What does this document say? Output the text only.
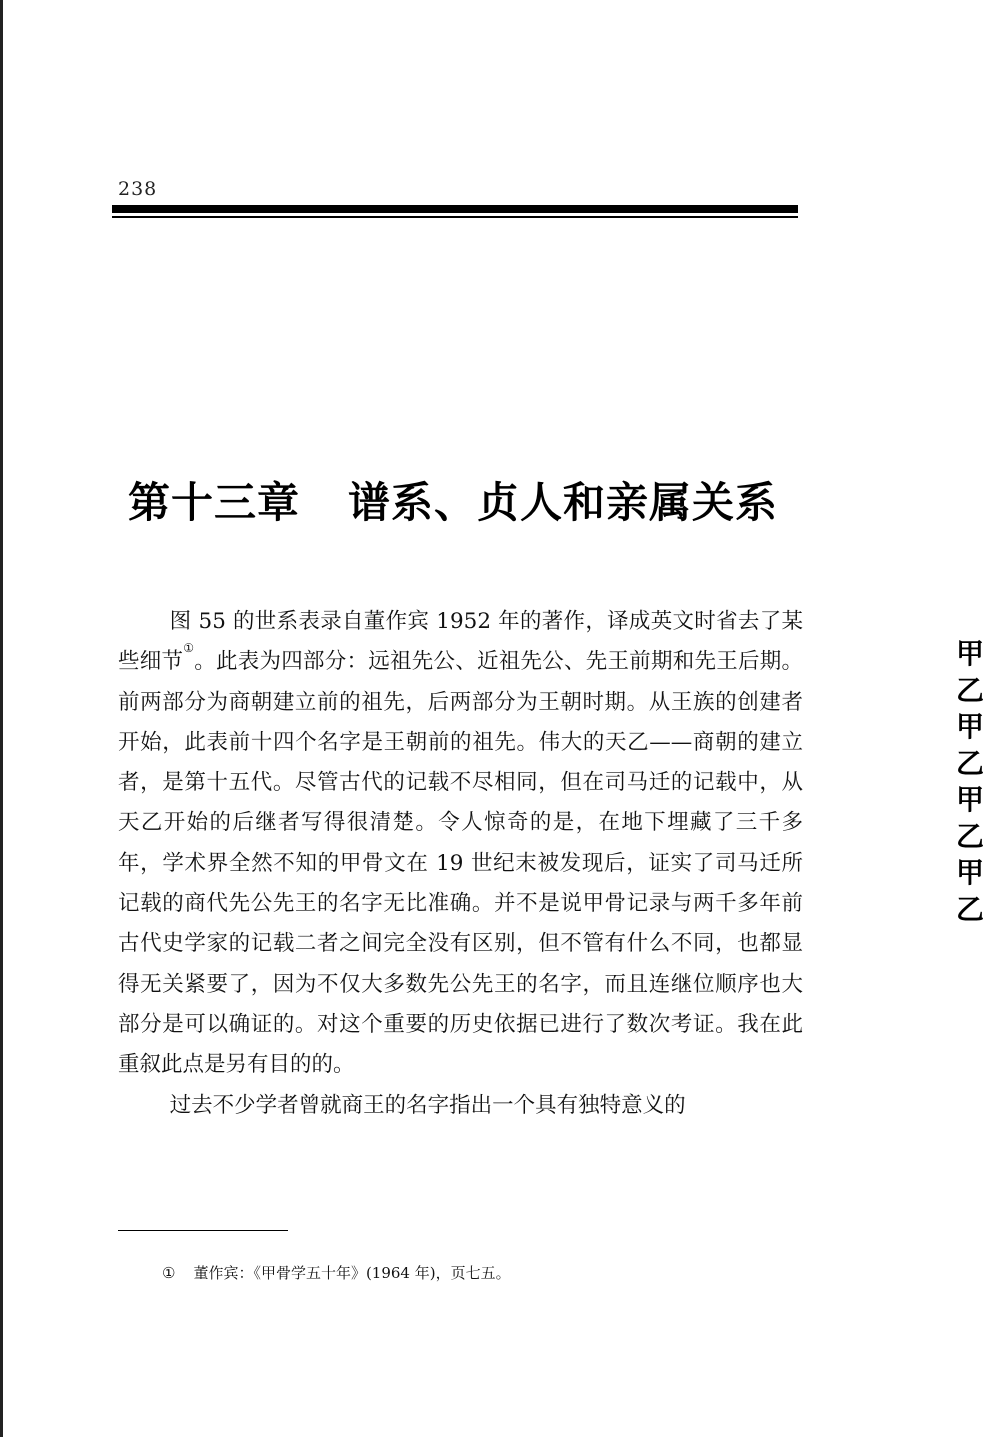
238
第十三章 谱系、贞人和亲属关系

图 55 的世系表录自董作宾 1952 年的著作，译成英文时省去了某些细节①。此表为四部分：远祖先公、近祖先公、先王前期和先王后期。前两部分为商朝建立前的祖先，后两部分为王朝时期。从王族的创建者开始，此表前十四个名字是王朝前的祖先。伟大的天乙——商朝的建立者，是第十五代。尽管古代的记载不尽相同，但在司马迁的记载中，从天乙开始的后继者写得很清楚。令人惊奇的是，在地下埋藏了三千多年，学术界全然不知的甲骨文在 19 世纪末被发现后，证实了司马迁所记载的商代先公先王的名字无比准确。并不是说甲骨记录与两千多年前古代史学家的记载二者之间完全没有区别，但不管有什么不同，也都显得无关紧要了，因为不仅大多数先公先王的名字，而且连继位顺序也大部分是可以确证的。对这个重要的历史依据已进行了数次考证。我在此重叙此点是另有目的的。

过去不少学者曾就商王的名字指出一个具有独特意义的

甲
乙
甲
乙
甲
乙
甲
乙
① 董作宾：《甲骨学五十年》(1964 年)，页七五。
